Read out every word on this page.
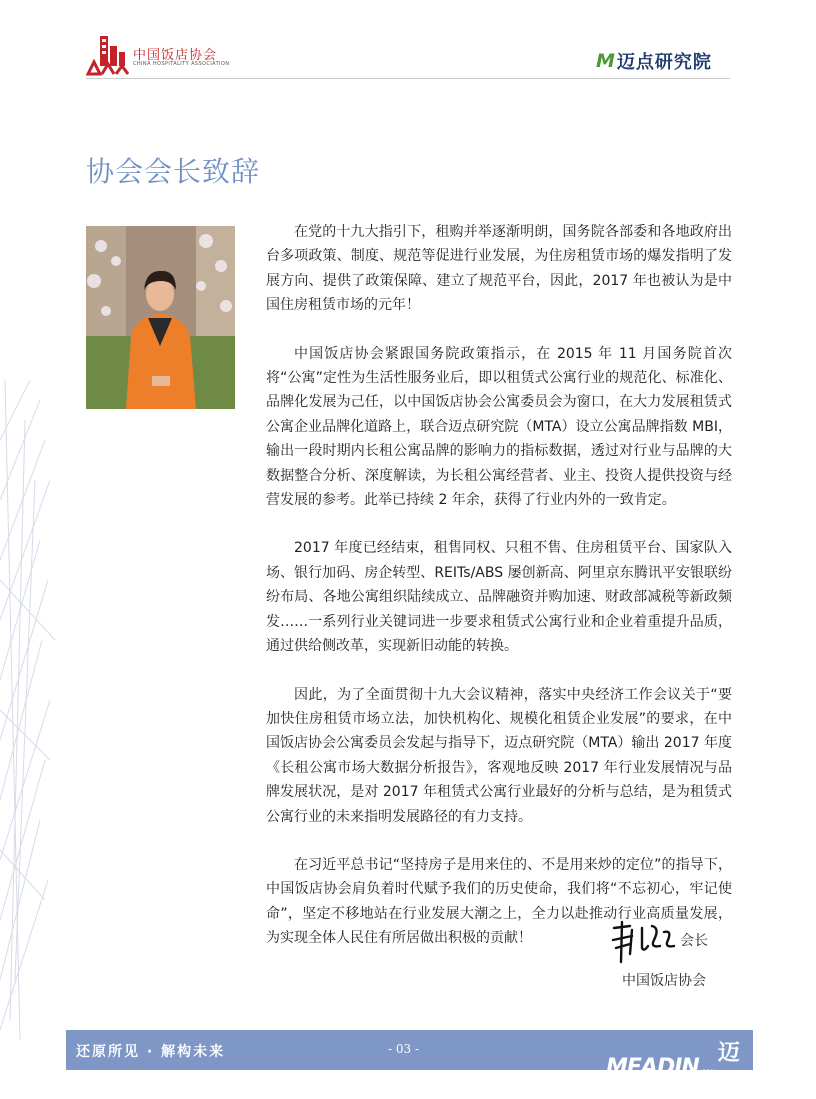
中国饭店协会
CHINA HOSPITALITY ASSOCIATION	M 迈点研究院
协会会长致辞

在党的十九大指引下，租购并举逐渐明朗，国务院各部委和各地政府出台多项政策、制度、规范等促进行业发展，为住房租赁市场的爆发指明了发展方向、提供了政策保障、建立了规范平台，因此，2017 年也被认为是中国住房租赁市场的元年！

中国饭店协会紧跟国务院政策指示，在 2015 年 11 月国务院首次将“公寓”定性为生活性服务业后，即以租赁式公寓行业的规范化、标准化、品牌化发展为己任，以中国饭店协会公寓委员会为窗口，在大力发展租赁式公寓企业品牌化道路上，联合迈点研究院（MTA）设立公寓品牌指数 MBI，输出一段时期内长租公寓品牌的影响力的指标数据，透过对行业与品牌的大数据整合分析、深度解读，为长租公寓经营者、业主、投资人提供投资与经营发展的参考。此举已持续 2 年余，获得了行业内外的一致肯定。

2017 年度已经结束，租售同权、只租不售、住房租赁平台、国家队入场、银行加码、房企转型、REITs/ABS 屡创新高、阿里京东腾讯平安银联纷纷布局、各地公寓组织陆续成立、品牌融资并购加速、财政部减税等新政频发……一系列行业关键词进一步要求租赁式公寓行业和企业着重提升品质，通过供给侧改革，实现新旧动能的转换。

因此，为了全面贯彻十九大会议精神，落实中央经济工作会议关于“要加快住房租赁市场立法，加快机构化、规模化租赁企业发展”的要求，在中国饭店协会公寓委员会发起与指导下，迈点研究院（MTA）输出 2017 年度《长租公寓市场大数据分析报告》，客观地反映 2017 年行业发展情况与品牌发展状况，是对 2017 年租赁式公寓行业最好的分析与总结，是为租赁式公寓行业的未来指明发展路径的有力支持。

在习近平总书记“坚持房子是用来住的、不是用来炒的定位”的指导下，中国饭店协会肩负着时代赋予我们的历史使命，我们将“不忘初心，牢记使命”，坚定不移地站在行业发展大潮之上，全力以赴推动行业高质量发展，为实现全体人民住有所居做出积极的贡献！	会长
中国饭店协会
还原所见 · 解构未来	- 03 -
MEADIN .COM
迈点
